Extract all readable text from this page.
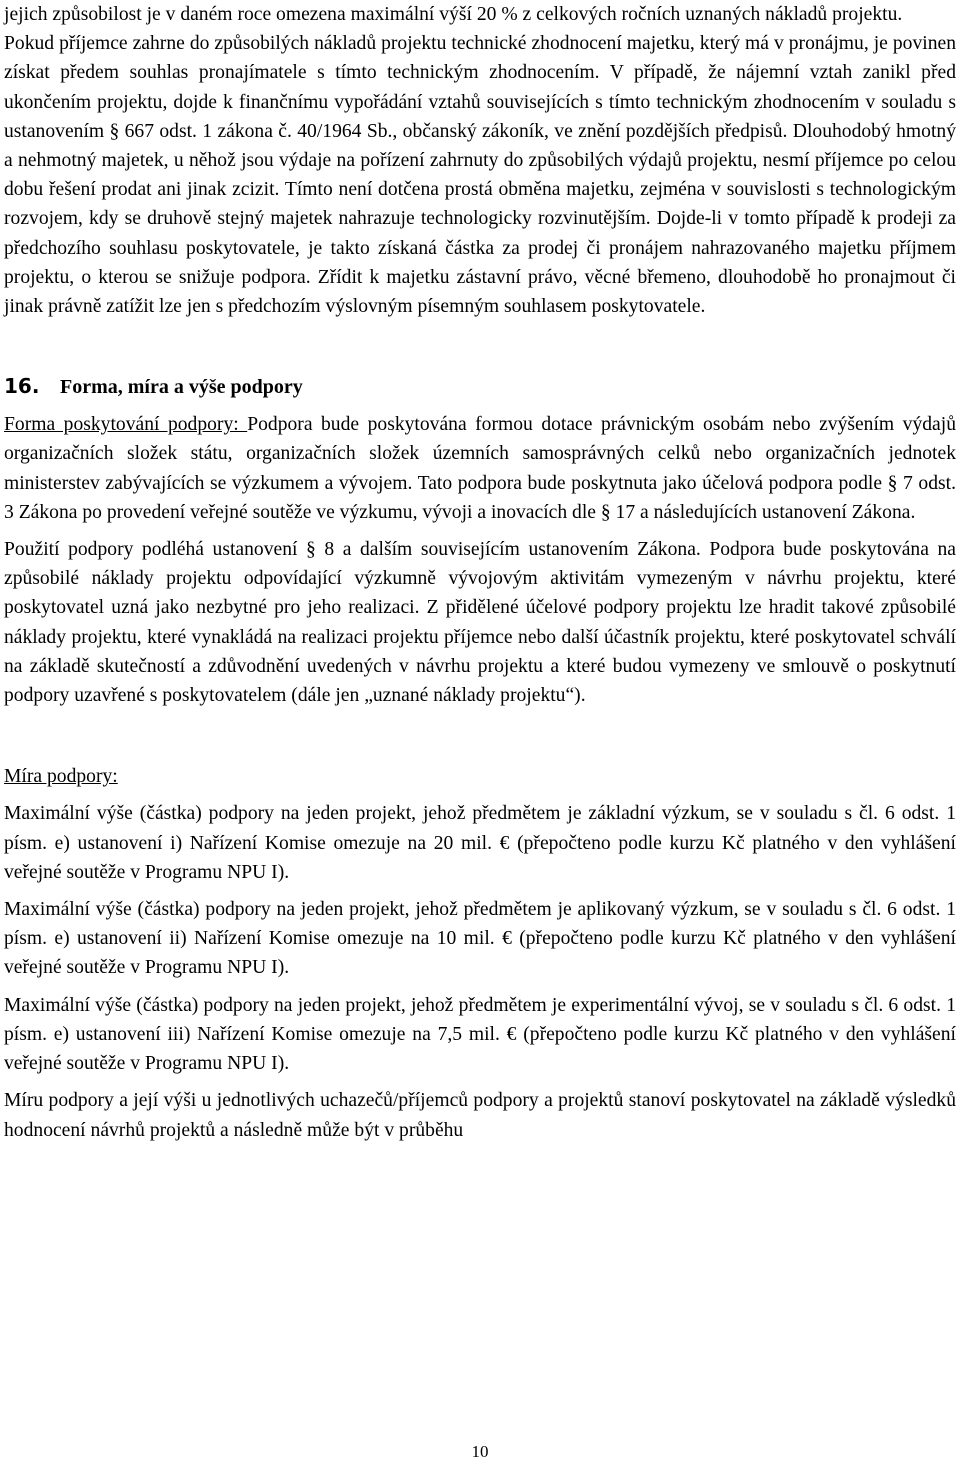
jejich způsobilost je v daném roce omezena maximální výší 20 % z celkových ročních uznaných nákladů projektu.

Pokud příjemce zahrne do způsobilých nákladů projektu technické zhodnocení majetku, který má v pronájmu, je povinen získat předem souhlas pronajímatele s tímto technickým zhodnocením. V případě, že nájemní vztah zanikl před ukončením projektu, dojde k finančnímu vypořádání vztahů souvisejících s tímto technickým zhodnocením v souladu s ustanovením § 667 odst. 1 zákona č. 40/1964 Sb., občanský zákoník, ve znění pozdějších předpisů. Dlouhodobý hmotný a nehmotný majetek, u něhož jsou výdaje na pořízení zahrnuty do způsobilých výdajů projektu, nesmí příjemce po celou dobu řešení prodat ani jinak zcizit. Tímto není dotčena prostá obměna majetku, zejména v souvislosti s technologickým rozvojem, kdy se druhově stejný majetek nahrazuje technologicky rozvinutějším. Dojde-li v tomto případě k prodeji za předchozího souhlasu poskytovatele, je takto získaná částka za prodej či pronájem nahrazovaného majetku příjmem projektu, o kterou se snižuje podpora. Zřídit k majetku zástavní právo, věcné břemeno, dlouhodobě ho pronajmout či jinak právně zatížit lze jen s předchozím výslovným písemným souhlasem poskytovatele.

16.	Forma, míra a výše podpory

Forma poskytování podpory: Podpora bude poskytována formou dotace právnickým osobám nebo zvýšením výdajů organizačních složek státu, organizačních složek územních samosprávných celků nebo organizačních jednotek ministerstev zabývajících se výzkumem a vývojem. Tato podpora bude poskytnuta jako účelová podpora podle § 7 odst. 3 Zákona po provedení veřejné soutěže ve výzkumu, vývoji a inovacích dle § 17 a následujících ustanovení Zákona.

Použití podpory podléhá ustanovení § 8 a dalším souvisejícím ustanovením Zákona. Podpora bude poskytována na způsobilé náklady projektu odpovídající výzkumně vývojovým aktivitám vymezeným v návrhu projektu, které poskytovatel uzná jako nezbytné pro jeho realizaci. Z přidělené účelové podpory projektu lze hradit takové způsobilé náklady projektu, které vynakládá na realizaci projektu příjemce nebo další účastník projektu, které poskytovatel schválí na základě skutečností a zdůvodnění uvedených v návrhu projektu a které budou vymezeny ve smlouvě o poskytnutí podpory uzavřené s poskytovatelem (dále jen „uznané náklady projektu“).

Míra podpory:

Maximální výše (částka) podpory na jeden projekt, jehož předmětem je základní výzkum, se v souladu s čl. 6 odst. 1 písm. e) ustanovení i) Nařízení Komise omezuje na 20 mil. € (přepočteno podle kurzu Kč platného v den vyhlášení veřejné soutěže v Programu NPU I).

Maximální výše (částka) podpory na jeden projekt, jehož předmětem je aplikovaný výzkum, se v souladu s čl. 6 odst. 1 písm. e) ustanovení ii) Nařízení Komise omezuje na 10 mil. € (přepočteno podle kurzu Kč platného v den vyhlášení veřejné soutěže v Programu NPU I).

Maximální výše (částka) podpory na jeden projekt, jehož předmětem je experimentální vývoj, se v souladu s čl. 6 odst. 1 písm. e) ustanovení iii) Nařízení Komise omezuje na 7,5 mil. € (přepočteno podle kurzu Kč platného v den vyhlášení veřejné soutěže v Programu NPU I).

Míru podpory a její výši u jednotlivých uchazečů/příjemců podpory a projektů stanoví poskytovatel na základě výsledků hodnocení návrhů projektů a následně může být v průběhu

10
